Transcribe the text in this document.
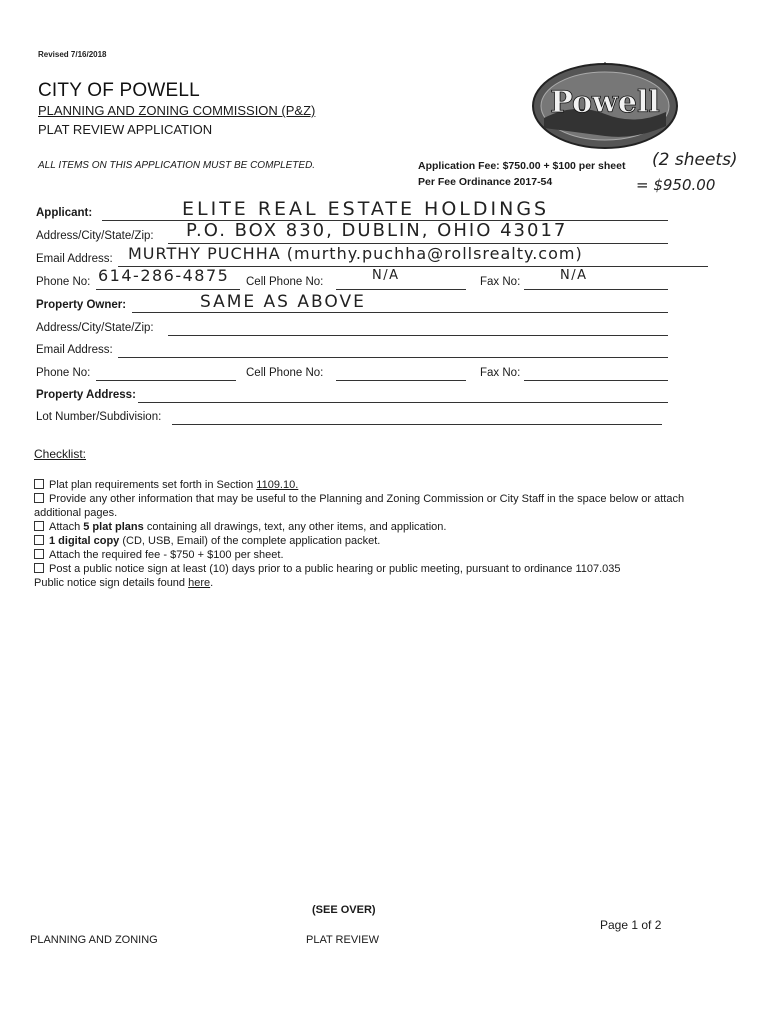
Revised 7/16/2018
CITY OF POWELL
PLANNING AND ZONING COMMISSION (P&Z)
PLAT REVIEW APPLICATION
ALL ITEMS ON THIS APPLICATION MUST BE COMPLETED.	Application Fee: $750.00 + $100 per sheet (2 sheets)
Per Fee Ordinance 2017-54	= $950.00
Powell
Applicant:	ELITE REAL ESTATE HOLDINGS
Address/City/State/Zip: P.O. BOX 830, DUBLIN, OHIO 43017
Email Address: MURTHY PUCHHA (murthy.puchha@rollsrealty.com)
Phone No: 614-286-4875 Cell Phone No:	N/A	Fax No:	N/A
Property Owner:	SAME AS ABOVE
Address/City/State/Zip:
Email Address:
Phone No:	Cell Phone No:	Fax No:
Property Address:
Lot Number/Subdivision:
Checklist:
Plat plan requirements set forth in Section 1109.10.
Provide any other information that may be useful to the Planning and Zoning Commission or City Staff in the space below or attach additional pages.
Attach 5 plat plans containing all drawings, text, any other items, and application.
1 digital copy (CD, USB, Email) of the complete application packet.
Attach the required fee - $750 + $100 per sheet.
Post a public notice sign at least (10) days prior to a public hearing or public meeting, pursuant to ordinance 1107.035
Public notice sign details found here.
(SEE OVER)
Page 1 of 2
PLANNING AND ZONING	PLAT REVIEW
